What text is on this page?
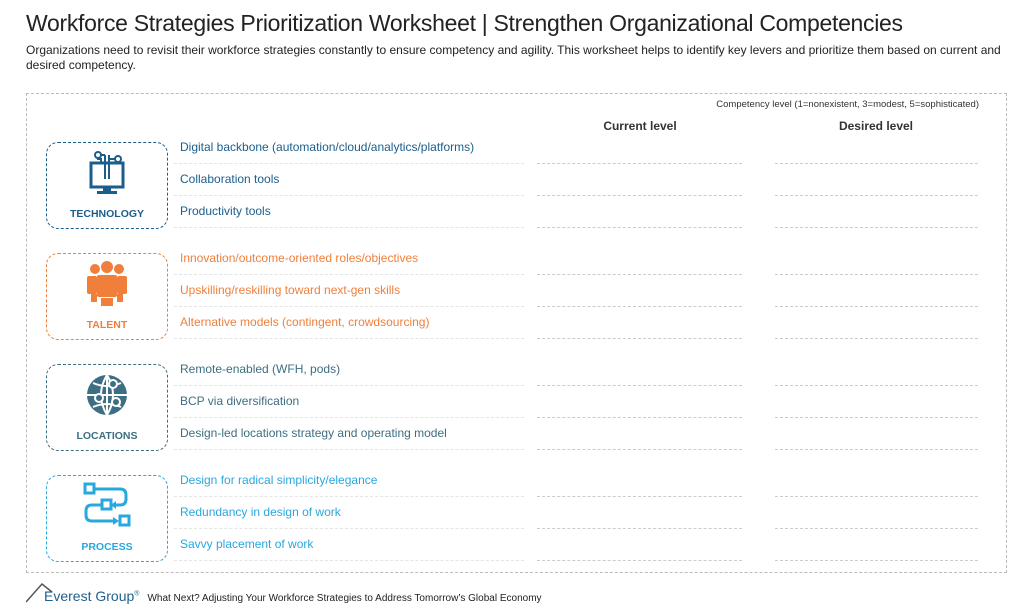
Workforce Strategies Prioritization Worksheet | Strengthen Organizational Competencies
Organizations need to revisit their workforce strategies constantly to ensure competency and agility. This worksheet helps to identify key levers and prioritize them based on current and desired competency.
Competency level (1=nonexistent, 3=modest, 5=sophisticated)
Current level	Desired level
TECHNOLOGY
Digital backbone (automation/cloud/analytics/platforms)
Collaboration tools
Productivity tools
TALENT
Innovation/outcome-oriented roles/objectives
Upskilling/reskilling toward next-gen skills
Alternative models (contingent, crowdsourcing)
LOCATIONS
Remote-enabled (WFH, pods)
BCP via diversification
Design-led locations strategy and operating model
PROCESS
Design for radical simplicity/elegance
Redundancy in design of work
Savvy placement of work
Everest Group® What Next? Adjusting Your Workforce Strategies to Address Tomorrow’s Global Economy
